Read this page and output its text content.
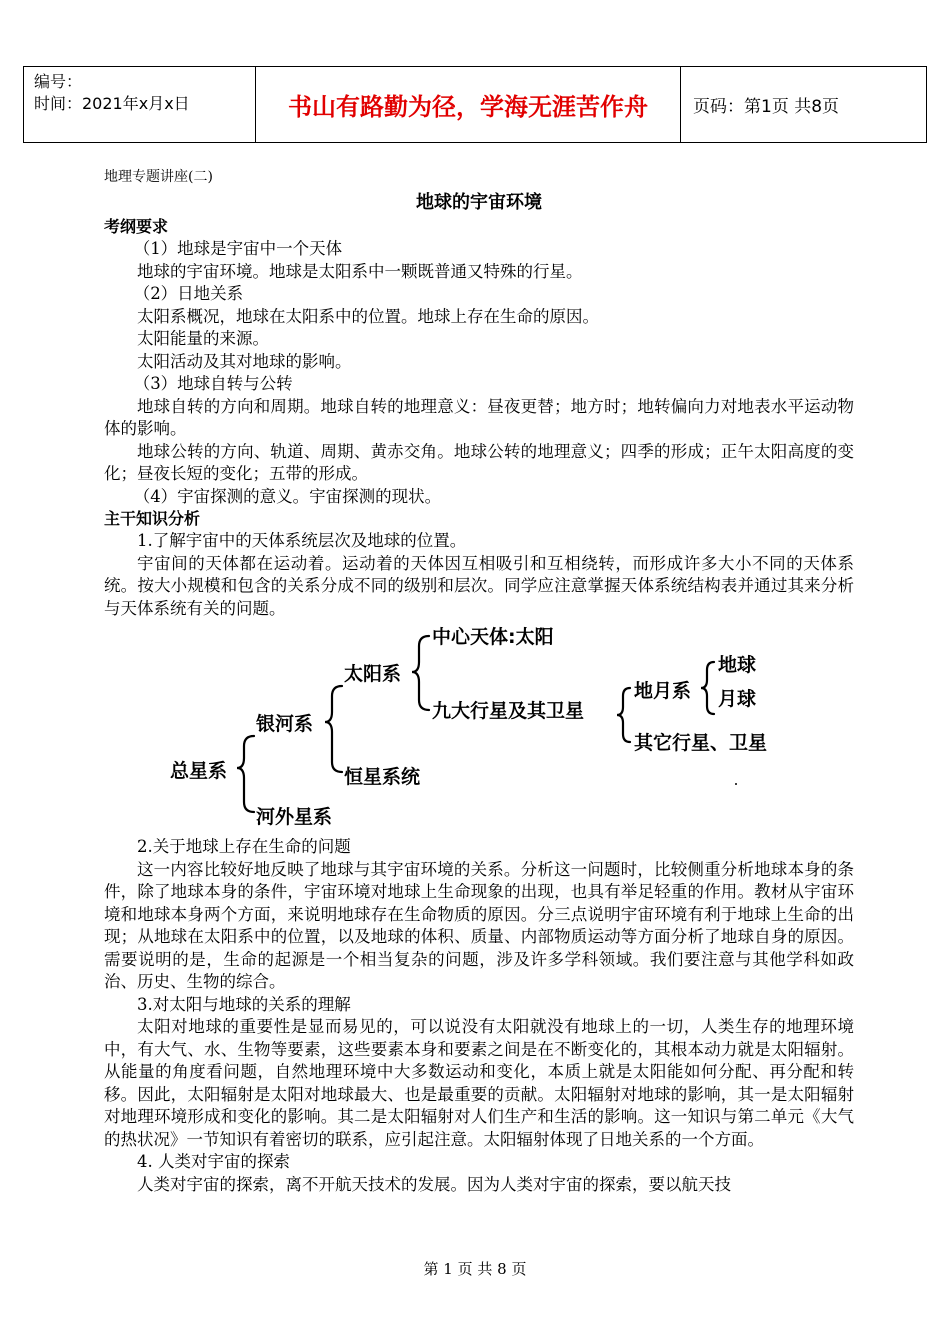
编号：
时间：2021年x月x日	书山有路勤为径，学海无涯苦作舟	页码：第1页 共8页

地理专题讲座(二)

地球的宇宙环境

考纲要求

（1）地球是宇宙中一个天体

地球的宇宙环境。地球是太阳系中一颗既普通又特殊的行星。

（2）日地关系

太阳系概况，地球在太阳系中的位置。地球上存在生命的原因。

太阳能量的来源。

太阳活动及其对地球的影响。

（3）地球自转与公转

地球自转的方向和周期。地球自转的地理意义：昼夜更替；地方时；地转偏向力对地表水平运动物体的影响。

地球公转的方向、轨道、周期、黄赤交角。地球公转的地理意义；四季的形成；正午太阳高度的变化；昼夜长短的变化；五带的形成。

（4）宇宙探测的意义。宇宙探测的现状。

主干知识分析

1.了解宇宙中的天体系统层次及地球的位置。

宇宙间的天体都在运动着。运动着的天体因互相吸引和互相绕转，而形成许多大小不同的天体系统。按大小规模和包含的关系分成不同的级别和层次。同学应注意掌握天体系统结构表并通过其来分析与天体系统有关的问题。

总星系
银河系
河外星系
太阳系
恒星系统
中心天体:太阳
九大行星及其卫星
地月系
地球
月球
其它行星、卫星

2.关于地球上存在生命的问题

这一内容比较好地反映了地球与其宇宙环境的关系。分析这一问题时，比较侧重分析地球本身的条件，除了地球本身的条件，宇宙环境对地球上生命现象的出现，也具有举足轻重的作用。教材从宇宙环境和地球本身两个方面，来说明地球存在生命物质的原因。分三点说明宇宙环境有利于地球上生命的出现；从地球在太阳系中的位置，以及地球的体积、质量、内部物质运动等方面分析了地球自身的原因。需要说明的是，生命的起源是一个相当复杂的问题，涉及许多学科领域。我们要注意与其他学科如政治、历史、生物的综合。

3.对太阳与地球的关系的理解

太阳对地球的重要性是显而易见的，可以说没有太阳就没有地球上的一切，人类生存的地理环境中，有大气、水、生物等要素，这些要素本身和要素之间是在不断变化的，其根本动力就是太阳辐射。从能量的角度看问题，自然地理环境中大多数运动和变化，本质上就是太阳能如何分配、再分配和转移。因此，太阳辐射是太阳对地球最大、也是最重要的贡献。太阳辐射对地球的影响，其一是太阳辐射对地理环境形成和变化的影响。其二是太阳辐射对人们生产和生活的影响。这一知识与第二单元《大气的热状况》一节知识有着密切的联系，应引起注意。太阳辐射体现了日地关系的一个方面。

4. 人类对宇宙的探索

人类对宇宙的探索，离不开航天技术的发展。因为人类对宇宙的探索，要以航天技

第 1 页 共 8 页
